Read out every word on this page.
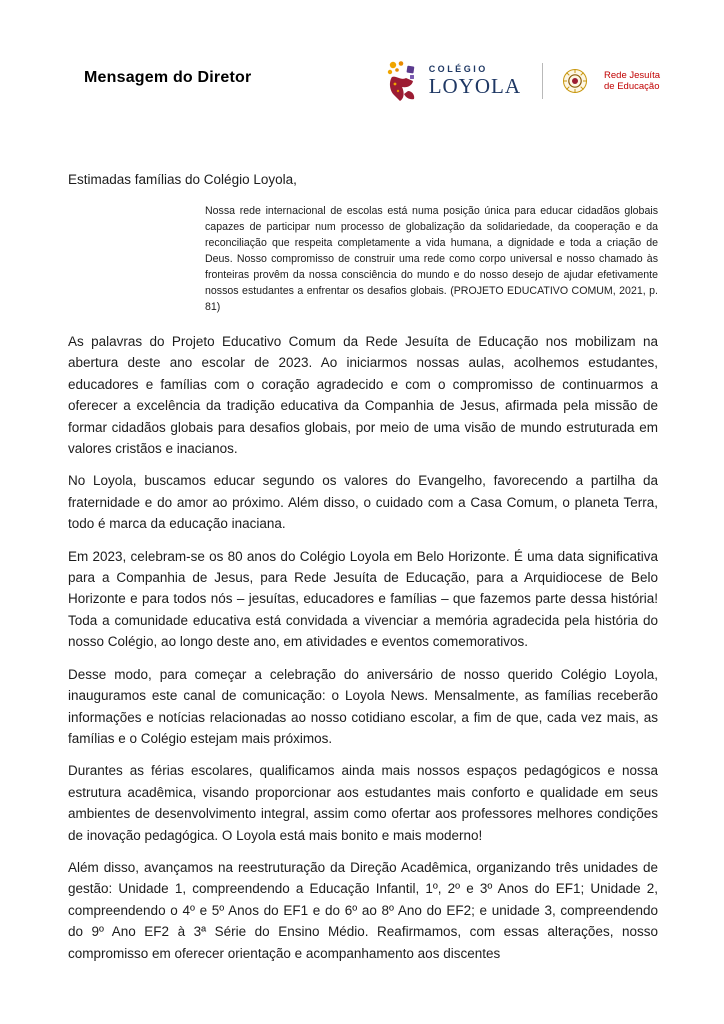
Mensagem do Diretor	COLÉGIO
LOYOLA	Rede Jesuíta
de Educação

Estimadas famílias do Colégio Loyola,

Nossa rede internacional de escolas está numa posição única para educar cidadãos globais capazes de participar num processo de globalização da solidariedade, da cooperação e da reconciliação que respeita completamente a vida humana, a dignidade e toda a criação de Deus. Nosso compromisso de construir uma rede como corpo universal e nosso chamado às fronteiras provêm da nossa consciência do mundo e do nosso desejo de ajudar efetivamente nossos estudantes a enfrentar os desafios globais. (PROJETO EDUCATIVO COMUM, 2021, p. 81)

As palavras do Projeto Educativo Comum da Rede Jesuíta de Educação nos mobilizam na abertura deste ano escolar de 2023. Ao iniciarmos nossas aulas, acolhemos estudantes, educadores e famílias com o coração agradecido e com o compromisso de continuarmos a oferecer a excelência da tradição educativa da Companhia de Jesus, afirmada pela missão de formar cidadãos globais para desafios globais, por meio de uma visão de mundo estruturada em valores cristãos e inacianos.

No Loyola, buscamos educar segundo os valores do Evangelho, favorecendo a partilha da fraternidade e do amor ao próximo. Além disso, o cuidado com a Casa Comum, o planeta Terra, todo é marca da educação inaciana.

Em 2023, celebram-se os 80 anos do Colégio Loyola em Belo Horizonte. É uma data significativa para a Companhia de Jesus, para Rede Jesuíta de Educação, para a Arquidiocese de Belo Horizonte e para todos nós – jesuítas, educadores e famílias – que fazemos parte dessa história! Toda a comunidade educativa está convidada a vivenciar a memória agradecida pela história do nosso Colégio, ao longo deste ano, em atividades e eventos comemorativos.

Desse modo, para começar a celebração do aniversário de nosso querido Colégio Loyola, inauguramos este canal de comunicação: o Loyola News. Mensalmente, as famílias receberão informações e notícias relacionadas ao nosso cotidiano escolar, a fim de que, cada vez mais, as famílias e o Colégio estejam mais próximos.

Durantes as férias escolares, qualificamos ainda mais nossos espaços pedagógicos e nossa estrutura acadêmica, visando proporcionar aos estudantes mais conforto e qualidade em seus ambientes de desenvolvimento integral, assim como ofertar aos professores melhores condições de inovação pedagógica. O Loyola está mais bonito e mais moderno!

Além disso, avançamos na reestruturação da Direção Acadêmica, organizando três unidades de gestão: Unidade 1, compreendendo a Educação Infantil, 1º, 2º e 3º Anos do EF1; Unidade 2, compreendendo o 4º e 5º Anos do EF1 e do 6º ao 8º Ano do EF2; e unidade 3, compreendendo do 9º Ano EF2 à 3ª Série do Ensino Médio. Reafirmamos, com essas alterações, nosso compromisso em oferecer orientação e acompanhamento aos discentes
